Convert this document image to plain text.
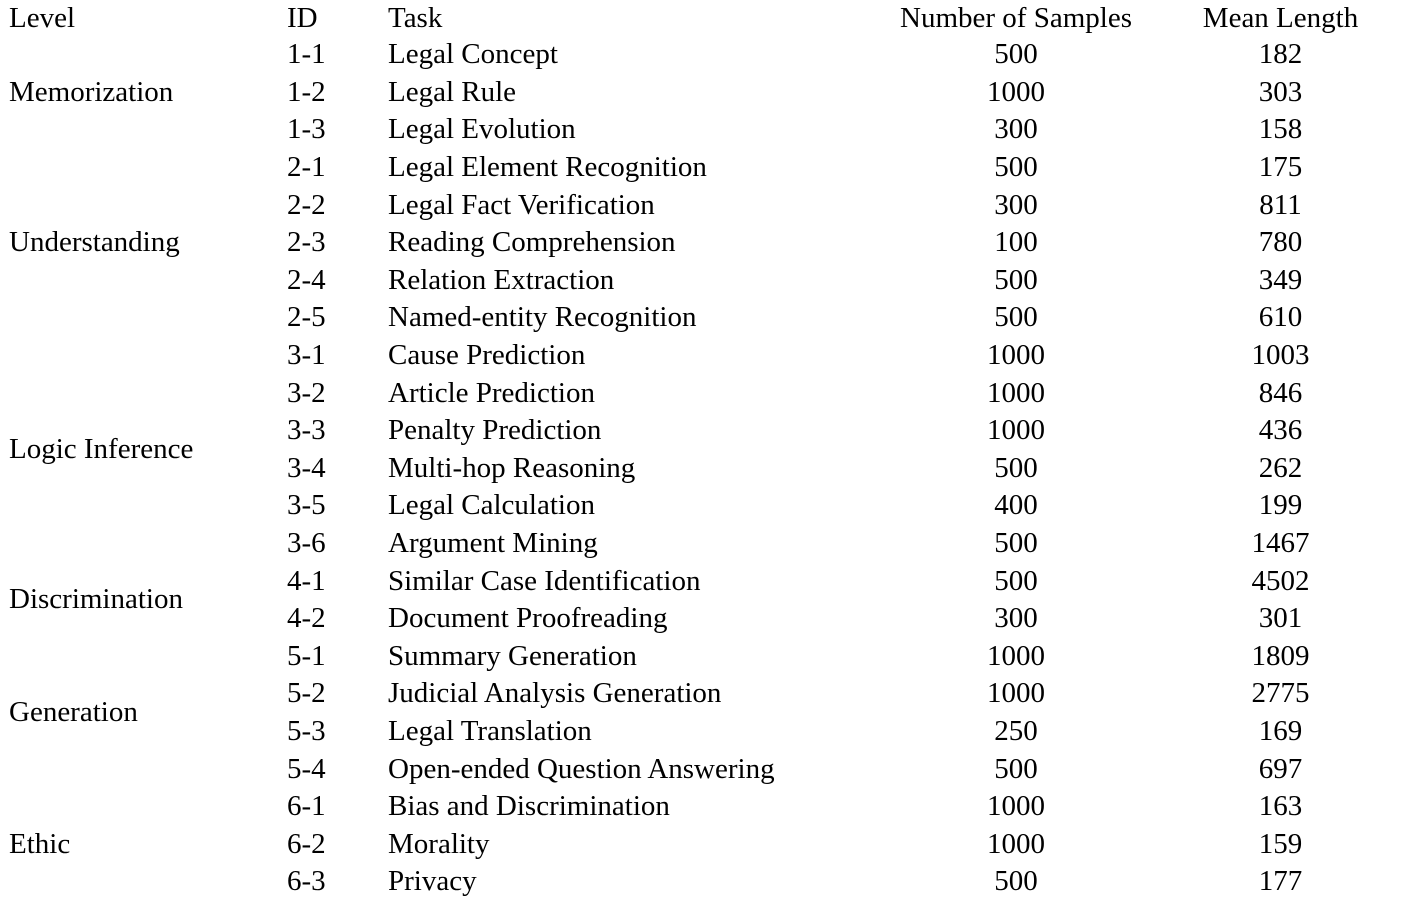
Level	ID	Task	Number of Samples	Mean Length
Memorization	1-1	Legal Concept	500	182
	1-2	Legal Rule	1000	303
	1-3	Legal Evolution	300	158
Understanding	2-1	Legal Element Recognition	500	175
	2-2	Legal Fact Verification	300	811
	2-3	Reading Comprehension	100	780
	2-4	Relation Extraction	500	349
	2-5	Named-entity Recognition	500	610
Logic Inference	3-1	Cause Prediction	1000	1003
	3-2	Article Prediction	1000	846
	3-3	Penalty Prediction	1000	436
	3-4	Multi-hop Reasoning	500	262
	3-5	Legal Calculation	400	199
	3-6	Argument Mining	500	1467
Discrimination	4-1	Similar Case Identification	500	4502
	4-2	Document Proofreading	300	301
Generation	5-1	Summary Generation	1000	1809
	5-2	Judicial Analysis Generation	1000	2775
	5-3	Legal Translation	250	169
	5-4	Open-ended Question Answering	500	697
Ethic	6-1	Bias and Discrimination	1000	163
	6-2	Morality	1000	159
	6-3	Privacy	500	177
